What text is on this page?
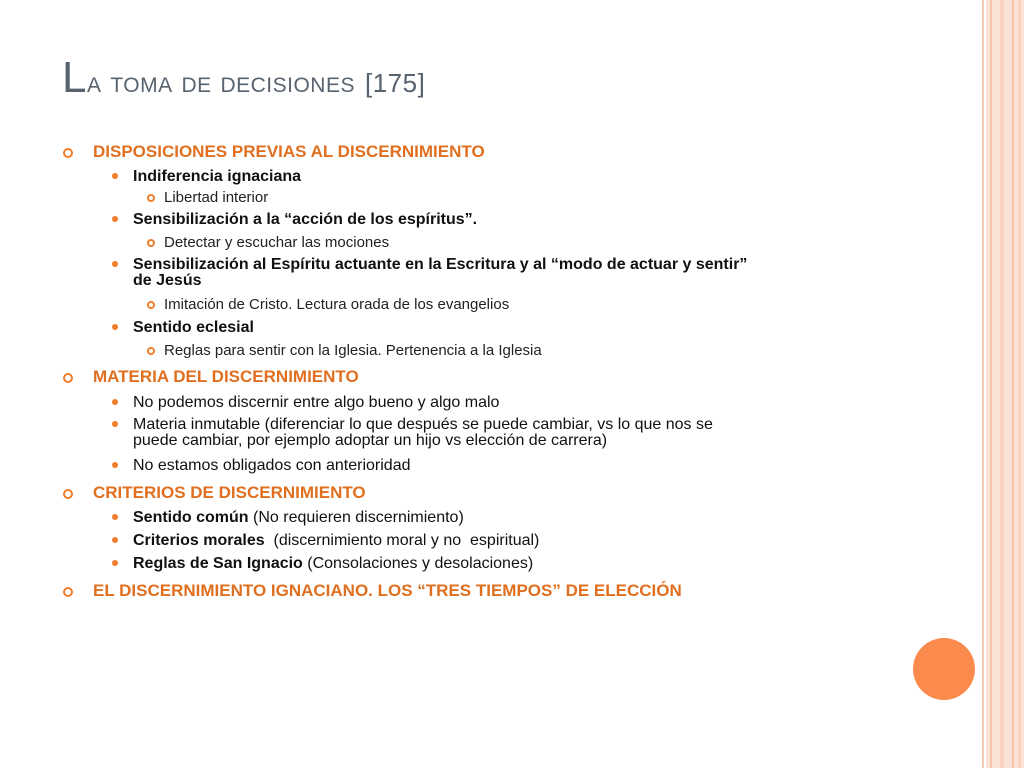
La toma de decisiones [175]
DISPOSICIONES PREVIAS AL DISCERNIMIENTO
Indiferencia ignaciana
Libertad interior
Sensibilización a la “acción de los espíritus”.
Detectar y escuchar las mociones
Sensibilización al Espíritu actuante en la Escritura y al “modo de actuar y sentir”
de Jesús
Imitación de Cristo. Lectura orada de los evangelios
Sentido eclesial
Reglas para sentir con la Iglesia. Pertenencia a la Iglesia
MATERIA DEL DISCERNIMIENTO
No podemos discernir entre algo bueno y algo malo
Materia inmutable (diferenciar lo que después se puede cambiar, vs lo que nos se
puede cambiar, por ejemplo adoptar un hijo vs elección de carrera)
No estamos obligados con anterioridad
CRITERIOS DE DISCERNIMIENTO
Sentido común (No requieren discernimiento)
Criterios morales  (discernimiento moral y no  espiritual)
Reglas de San Ignacio (Consolaciones y desolaciones)
EL DISCERNIMIENTO IGNACIANO. LOS “TRES TIEMPOS” DE ELECCIÓN
